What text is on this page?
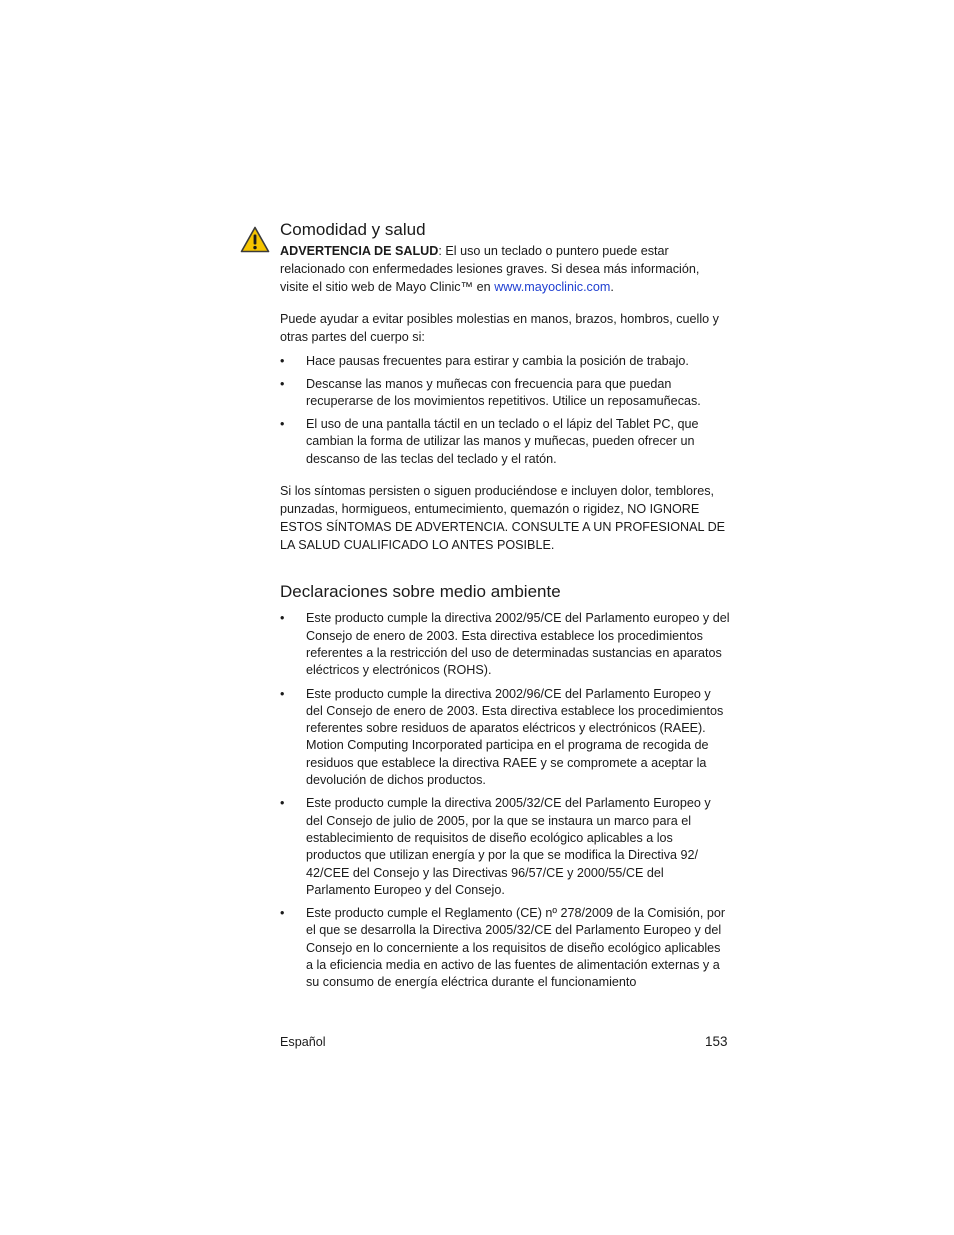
Comodidad y salud

ADVERTENCIA DE SALUD: El uso un teclado o puntero puede estar relacionado con enfermedades lesiones graves. Si desea más información, visite el sitio web de Mayo Clinic™ en www.mayoclinic.com.

Puede ayudar a evitar posibles molestias en manos, brazos, hombros, cuello y otras partes del cuerpo si:

• Hace pausas frecuentes para estirar y cambia la posición de trabajo.
• Descanse las manos y muñecas con frecuencia para que puedan recuperarse de los movimientos repetitivos. Utilice un reposamuñecas.
• El uso de una pantalla táctil en un teclado o el lápiz del Tablet PC, que cambian la forma de utilizar las manos y muñecas, pueden ofrecer un descanso de las teclas del teclado y el ratón.

Si los síntomas persisten o siguen produciéndose e incluyen dolor, temblores, punzadas, hormigueos, entumecimiento, quemazón o rigidez, NO IGNORE ESTOS SÍNTOMAS DE ADVERTENCIA. CONSULTE A UN PROFESIONAL DE LA SALUD CUALIFICADO LO ANTES POSIBLE.

Declaraciones sobre medio ambiente
• Este producto cumple la directiva 2002/95/CE del Parlamento europeo y del Consejo de enero de 2003. Esta directiva establece los procedimientos referentes a la restricción del uso de determinadas sustancias en aparatos eléctricos y electrónicos (ROHS).
• Este producto cumple la directiva 2002/96/CE del Parlamento Europeo y del Consejo de enero de 2003. Esta directiva establece los procedimientos referentes sobre residuos de aparatos eléctricos y electrónicos (RAEE). Motion Computing Incorporated participa en el programa de recogida de residuos que establece la directiva RAEE y se compromete a aceptar la devolución de dichos productos.
• Este producto cumple la directiva 2005/32/CE del Parlamento Europeo y del Consejo de julio de 2005, por la que se instaura un marco para el establecimiento de requisitos de diseño ecológico aplicables a los productos que utilizan energía y por la que se modifica la Directiva 92/ 42/CEE del Consejo y las Directivas 96/57/CE y 2000/55/CE del Parlamento Europeo y del Consejo.
• Este producto cumple el Reglamento (CE) nº 278/2009 de la Comisión, por el que se desarrolla la Directiva 2005/32/CE del Parlamento Europeo y del Consejo en lo concerniente a los requisitos de diseño ecológico aplicables a la eficiencia media en activo de las fuentes de alimentación externas y a su consumo de energía eléctrica durante el funcionamiento
Español	153
